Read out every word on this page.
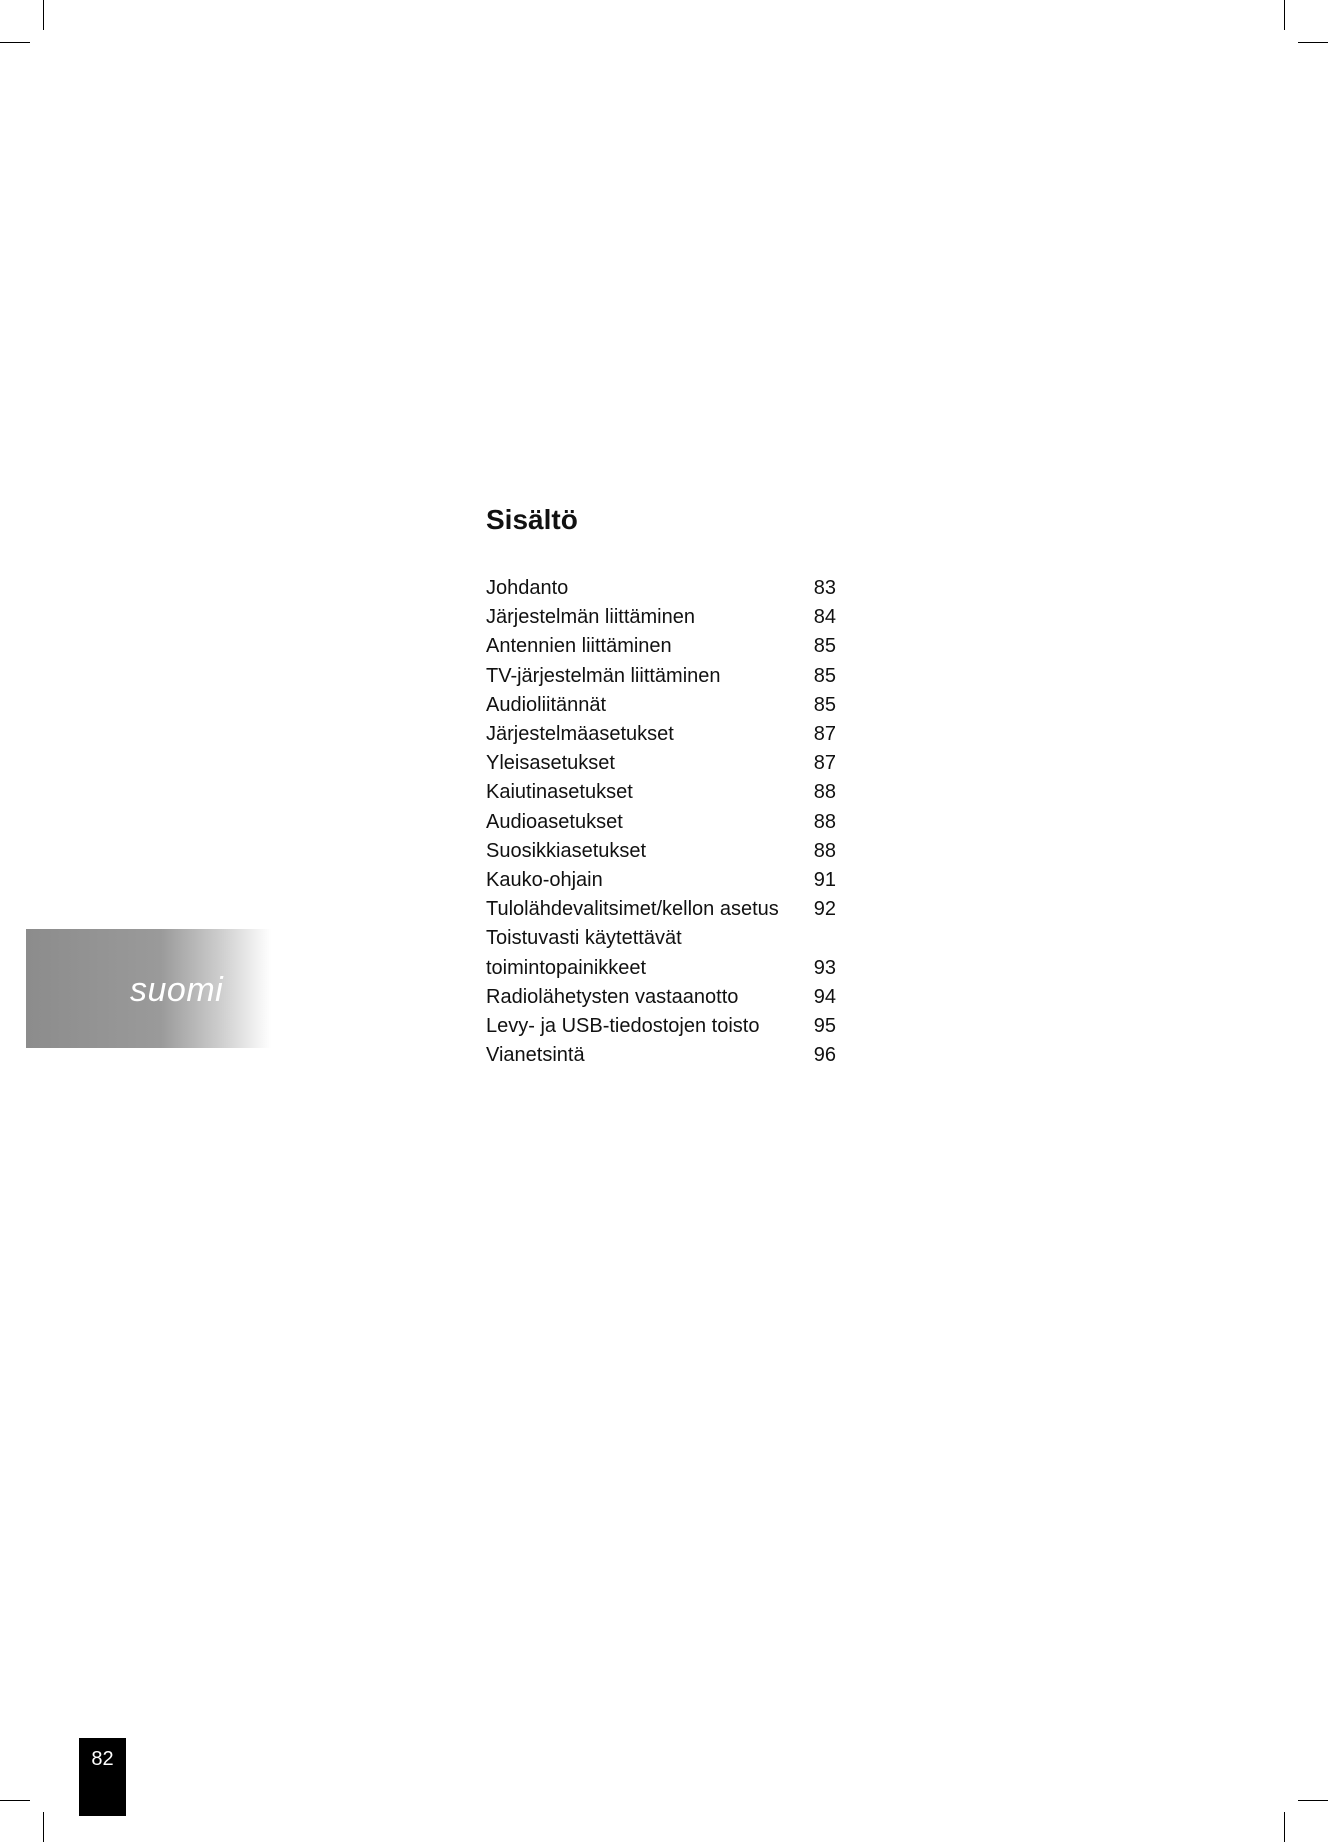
Sisältö
Johdanto	83
Järjestelmän liittäminen	84
Antennien liittäminen	85
TV-järjestelmän liittäminen	85
Audioliitännät	85
Järjestelmäasetukset	87
Yleisasetukset	87
Kaiutinasetukset	88
Audioasetukset	88
Suosikkiasetukset	88
Kauko-ohjain	91
Tulolähdevalitsimet/kellon asetus 92
Toistuvasti käytettävät
toimintopainikkeet	93
Radiolähetysten vastaanotto	94
Levy- ja USB-tiedostojen toisto	95
Vianetsintä	96
suomi
82
